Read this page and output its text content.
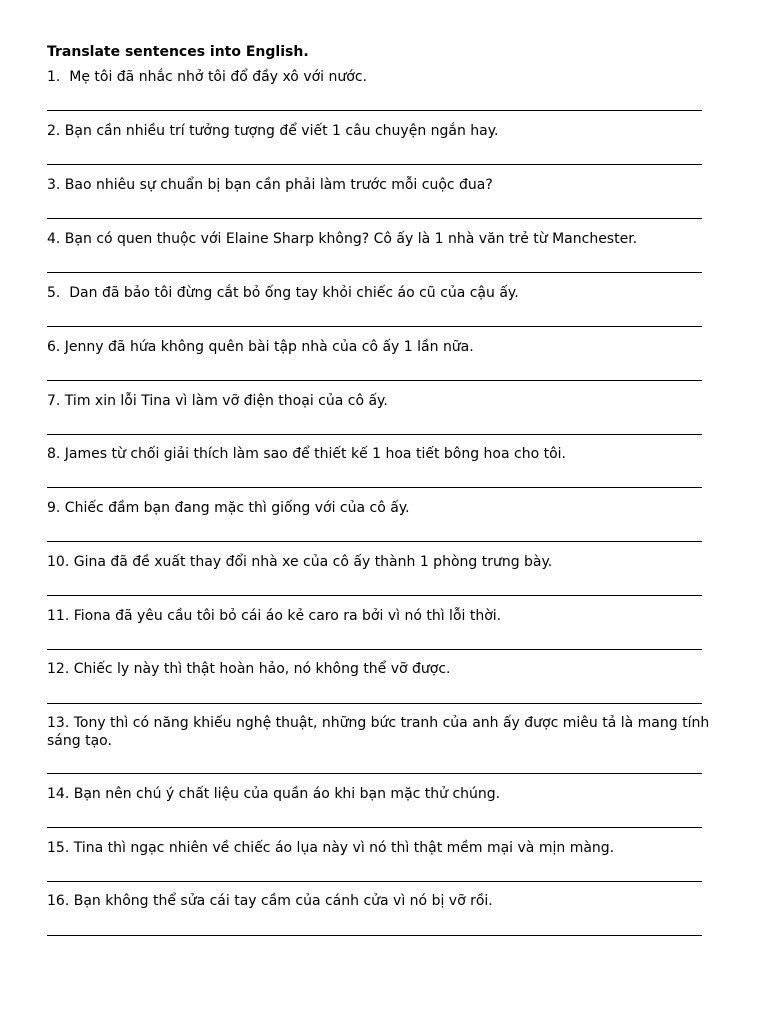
Translate sentences into English.
1.  Mẹ tôi đã nhắc nhở tôi đổ đầy xô với nước.
2. Bạn cần nhiều trí tưởng tượng để viết 1 câu chuyện ngắn hay.
3. Bao nhiêu sự chuẩn bị bạn cần phải làm trước mỗi cuộc đua?
4. Bạn có quen thuộc với Elaine Sharp không? Cô ấy là 1 nhà văn trẻ từ Manchester.
5.  Dan đã bảo tôi đừng cắt bỏ ống tay khỏi chiếc áo cũ của cậu ấy.
6. Jenny đã hứa không quên bài tập nhà của cô ấy 1 lần nữa.
7. Tim xin lỗi Tina vì làm vỡ điện thoại của cô ấy.
8. James từ chối giải thích làm sao để thiết kế 1 hoa tiết bông hoa cho tôi.
9. Chiếc đầm bạn đang mặc thì giống với của cô ấy.
10. Gina đã đề xuất thay đổi nhà xe của cô ấy thành 1 phòng trưng bày.
11. Fiona đã yêu cầu tôi bỏ cái áo kẻ caro ra bởi vì nó thì lỗi thời.
12. Chiếc ly này thì thật hoàn hảo, nó không thể vỡ được.
13. Tony thì có năng khiếu nghệ thuật, những bức tranh của anh ấy được miêu tả là mang tính sáng tạo.
14. Bạn nên chú ý chất liệu của quần áo khi bạn mặc thử chúng.
15. Tina thì ngạc nhiên về chiếc áo lụa này vì nó thì thật mềm mại và mịn màng.
16. Bạn không thể sửa cái tay cầm của cánh cửa vì nó bị vỡ rồi.
